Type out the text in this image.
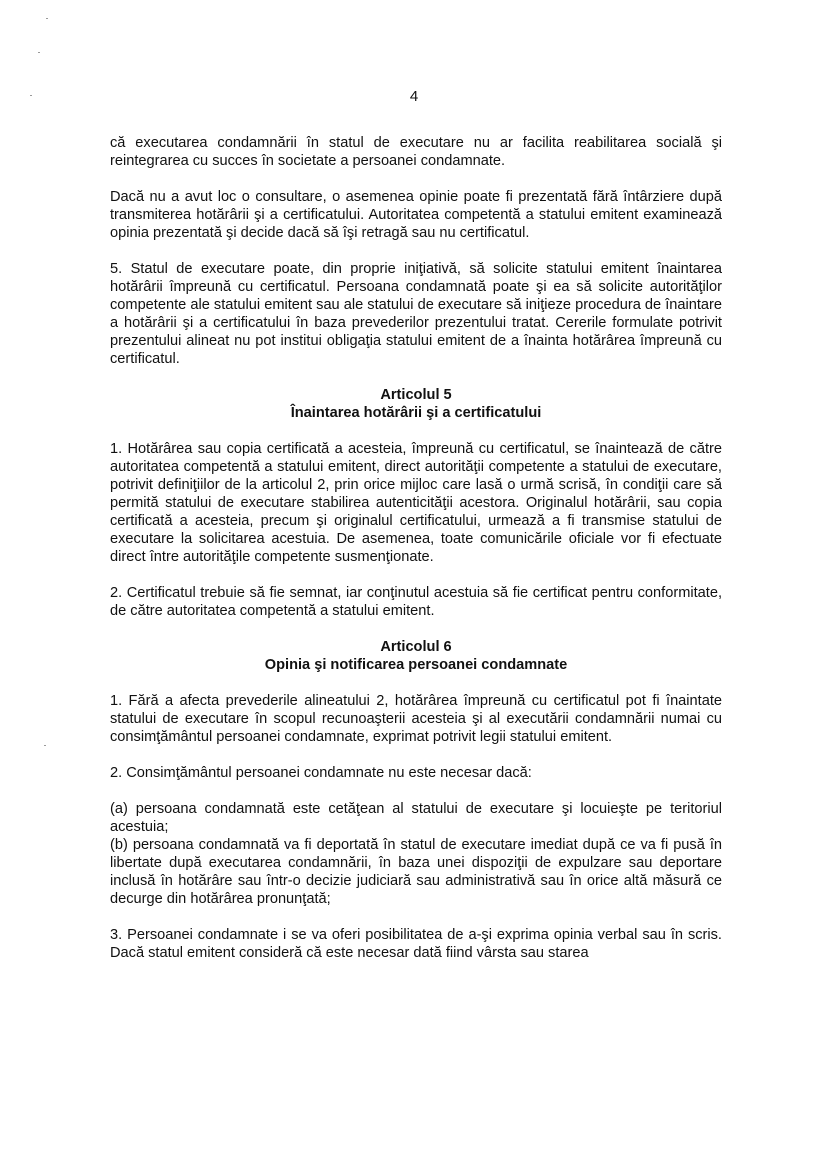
4

că executarea condamnării în statul de executare nu ar facilita reabilitarea socială şi reintegrarea cu succes în societate a persoanei condamnate.

Dacă nu a avut loc o consultare, o asemenea opinie poate fi prezentată fără întârziere după transmiterea hotărârii şi a certificatului. Autoritatea competentă a statului emitent examinează opinia prezentată şi decide dacă să îşi retragă sau nu certificatul.

5. Statul de executare poate, din proprie iniţiativă, să solicite statului emitent înaintarea hotărârii împreună cu certificatul. Persoana condamnată poate şi ea să solicite autorităţilor competente ale statului emitent sau ale statului de executare să iniţieze procedura de înaintare a hotărârii şi a certificatului în baza prevederilor prezentului tratat. Cererile formulate potrivit prezentului alineat nu pot institui obligaţia statului emitent de a înainta hotărârea împreună cu certificatul.

Articolul 5
Înaintarea hotărârii şi a certificatului

1. Hotărârea sau copia certificată a acesteia, împreună cu certificatul, se înaintează de către autoritatea competentă a statului emitent, direct autorităţii competente a statului de executare, potrivit definiţiilor de la articolul 2, prin orice mijloc care lasă o urmă scrisă, în condiţii care să permită statului de executare stabilirea autenticităţii acestora. Originalul hotărârii, sau copia certificată a acesteia, precum şi originalul certificatului, urmează a fi transmise statului de executare la solicitarea acestuia. De asemenea, toate comunicările oficiale vor fi efectuate direct între autorităţile competente susmenţionate.

2. Certificatul trebuie să fie semnat, iar conţinutul acestuia să fie certificat pentru conformitate, de către autoritatea competentă a statului emitent.

Articolul 6
Opinia şi notificarea persoanei condamnate

1. Fără a afecta prevederile alineatului 2, hotărârea împreună cu certificatul pot fi înaintate statului de executare în scopul recunoaşterii acesteia şi al executării condamnării numai cu consimţământul persoanei condamnate, exprimat potrivit legii statului emitent.

2. Consimţământul persoanei condamnate nu este necesar dacă:

(a) persoana condamnată este cetăţean al statului de executare şi locuieşte pe teritoriul acestuia;

(b) persoana condamnată va fi deportată în statul de executare imediat după ce va fi pusă în libertate după executarea condamnării, în baza unei dispoziţii de expulzare sau deportare inclusă în hotărâre sau într-o decizie judiciară sau administrativă sau în orice altă măsură ce decurge din hotărârea pronunţată;

3. Persoanei condamnate i se va oferi posibilitatea de a-şi exprima opinia verbal sau în scris. Dacă statul emitent consideră că este necesar dată fiind vârsta sau starea
